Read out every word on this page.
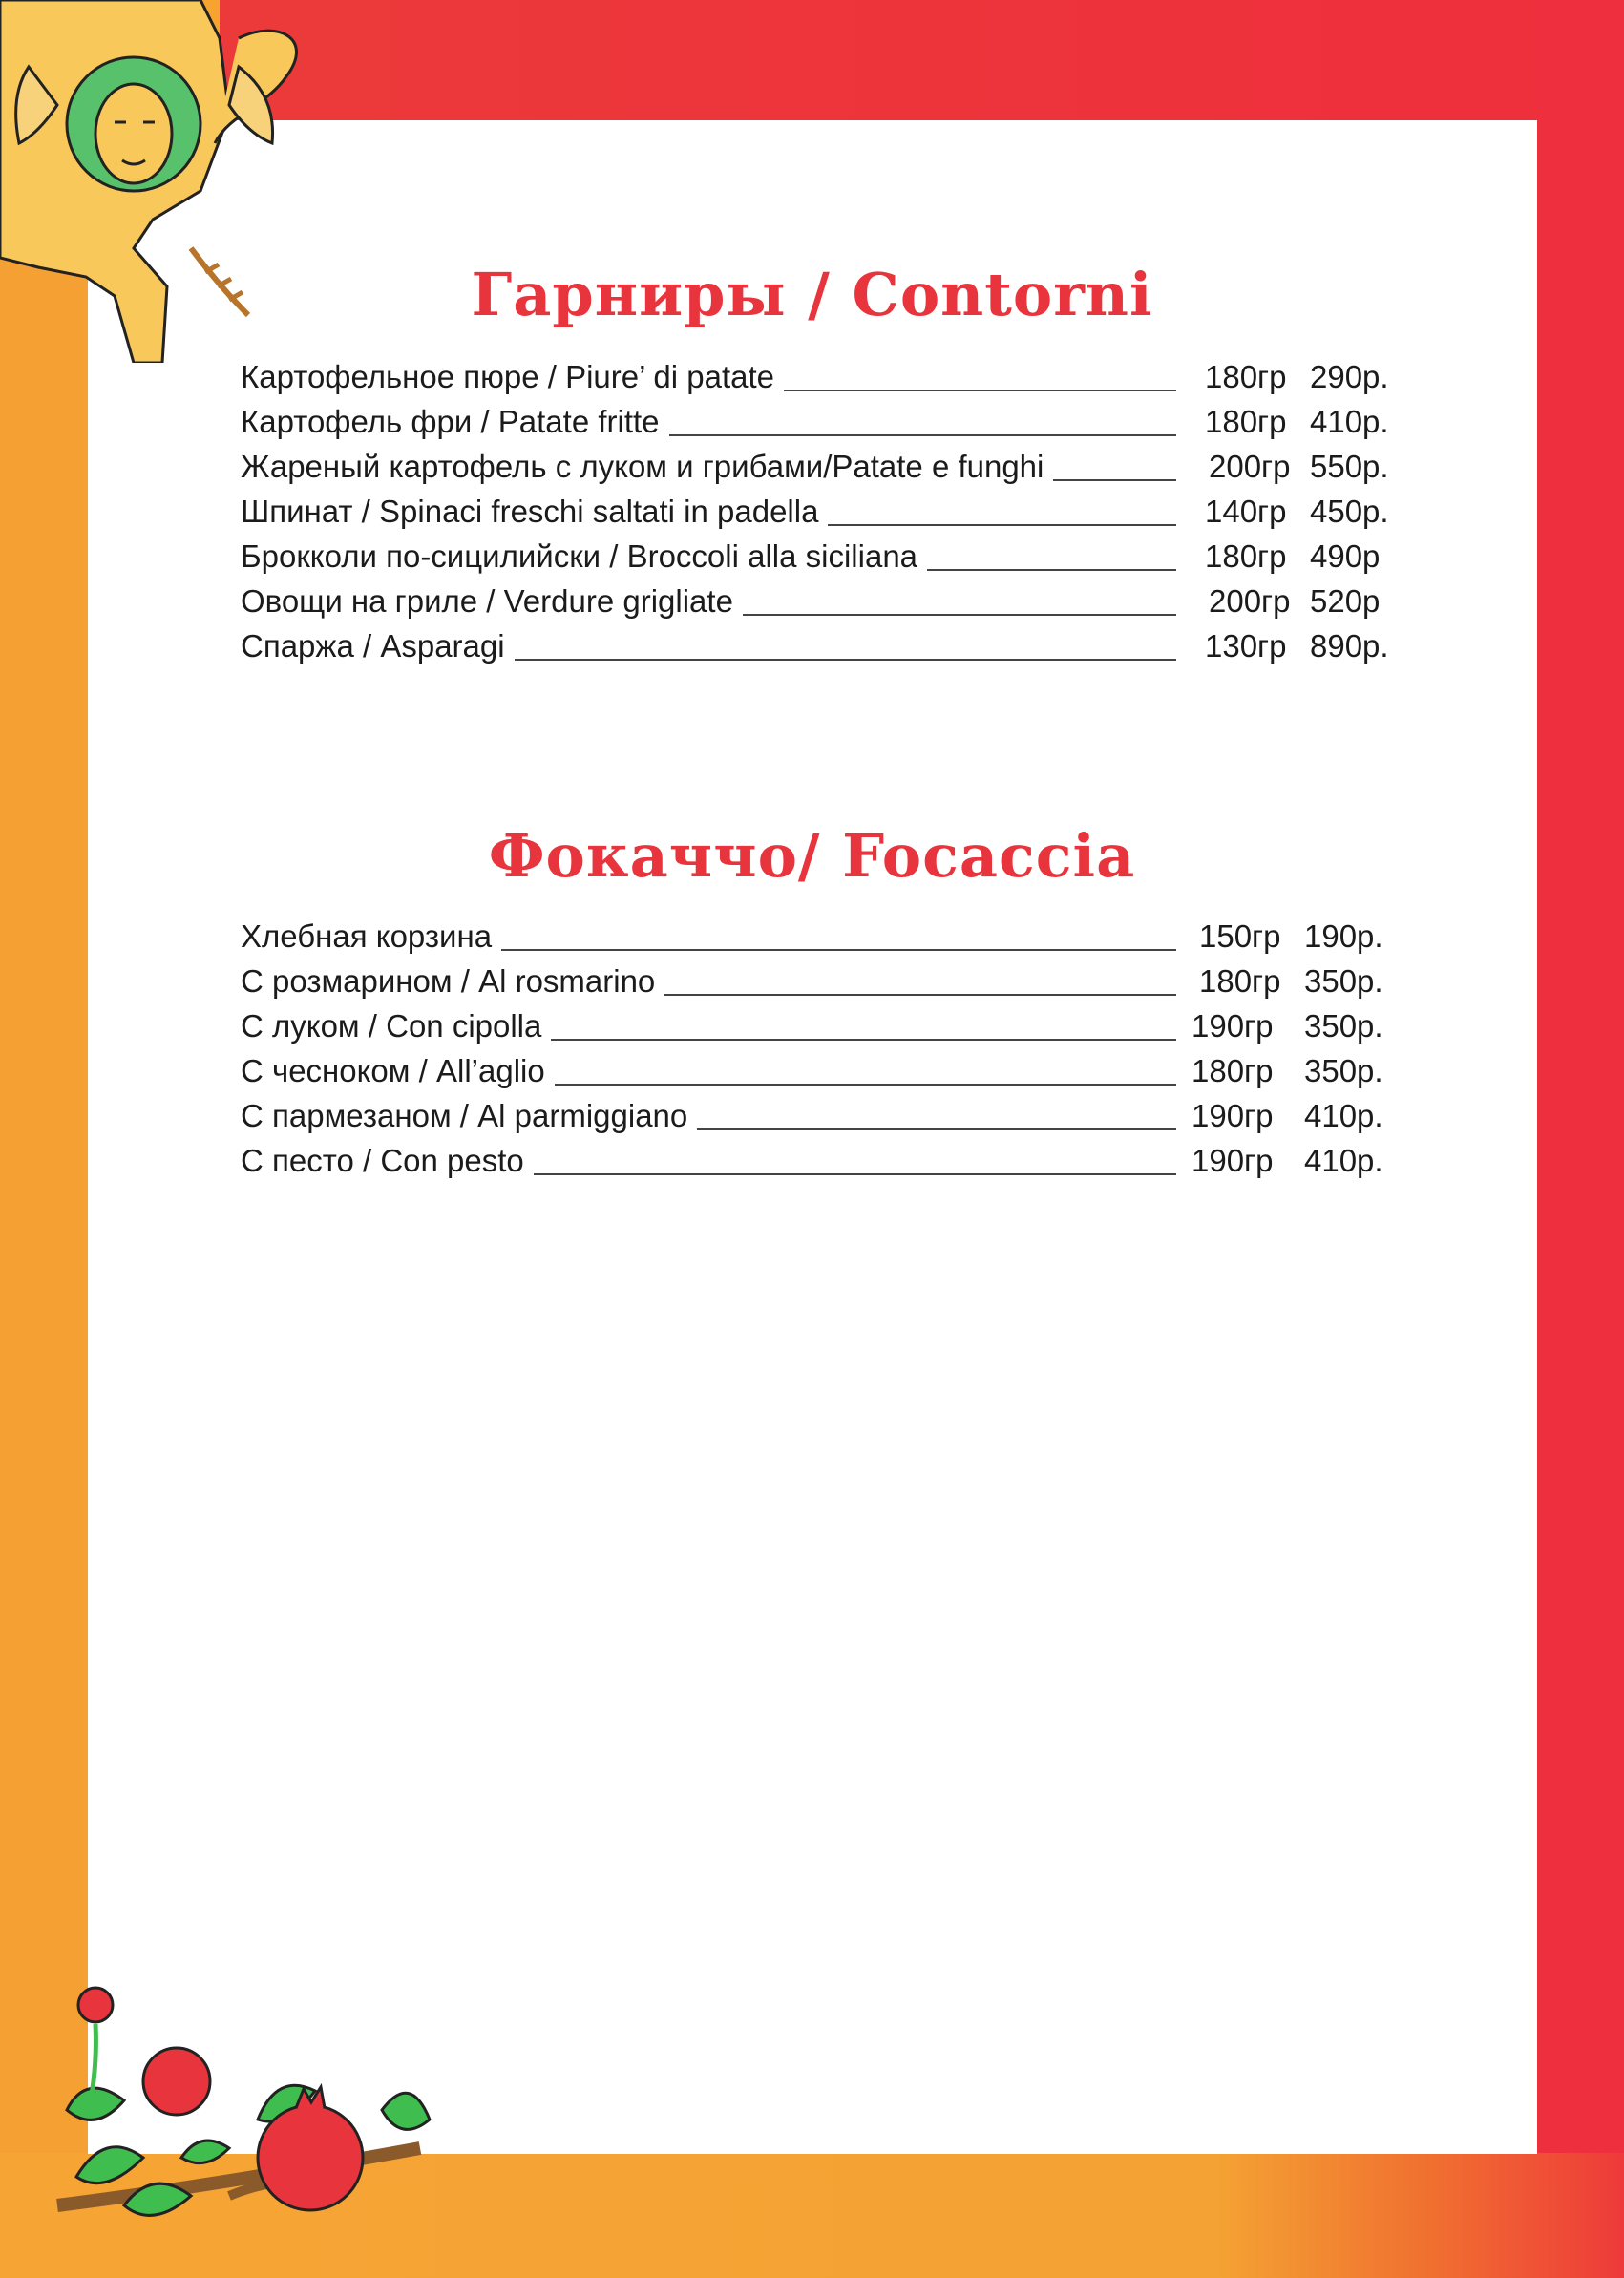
Гарниры / Contorni
Картофельное пюре / Piure’ di patate	180гр 290р.
Картофель фри / Patate fritte	180гр 410р.
Жареный картофель с луком и грибами/Patate e funghi	200гр 550р.
Шпинат / Spinaci freschi saltati in padella	140гр 450р.
Брокколи по-сицилийски / Broccoli alla siciliana	180гр 490р
Овощи на гриле / Verdure grigliate	200гр 520р
Спаржа / Asparagi	130гр 890р.
Фокаччо/ Focaccia
Хлебная корзина	150гр 190р.
С розмарином / Al rosmarino	180гр 350р.
С луком / Con cipolla	190гр 350р.
С чесноком / All’aglio	180гр 350р.
С пармезаном / Al parmiggiano	190гр 410р.
С песто / Con pesto	190гр 410р.
